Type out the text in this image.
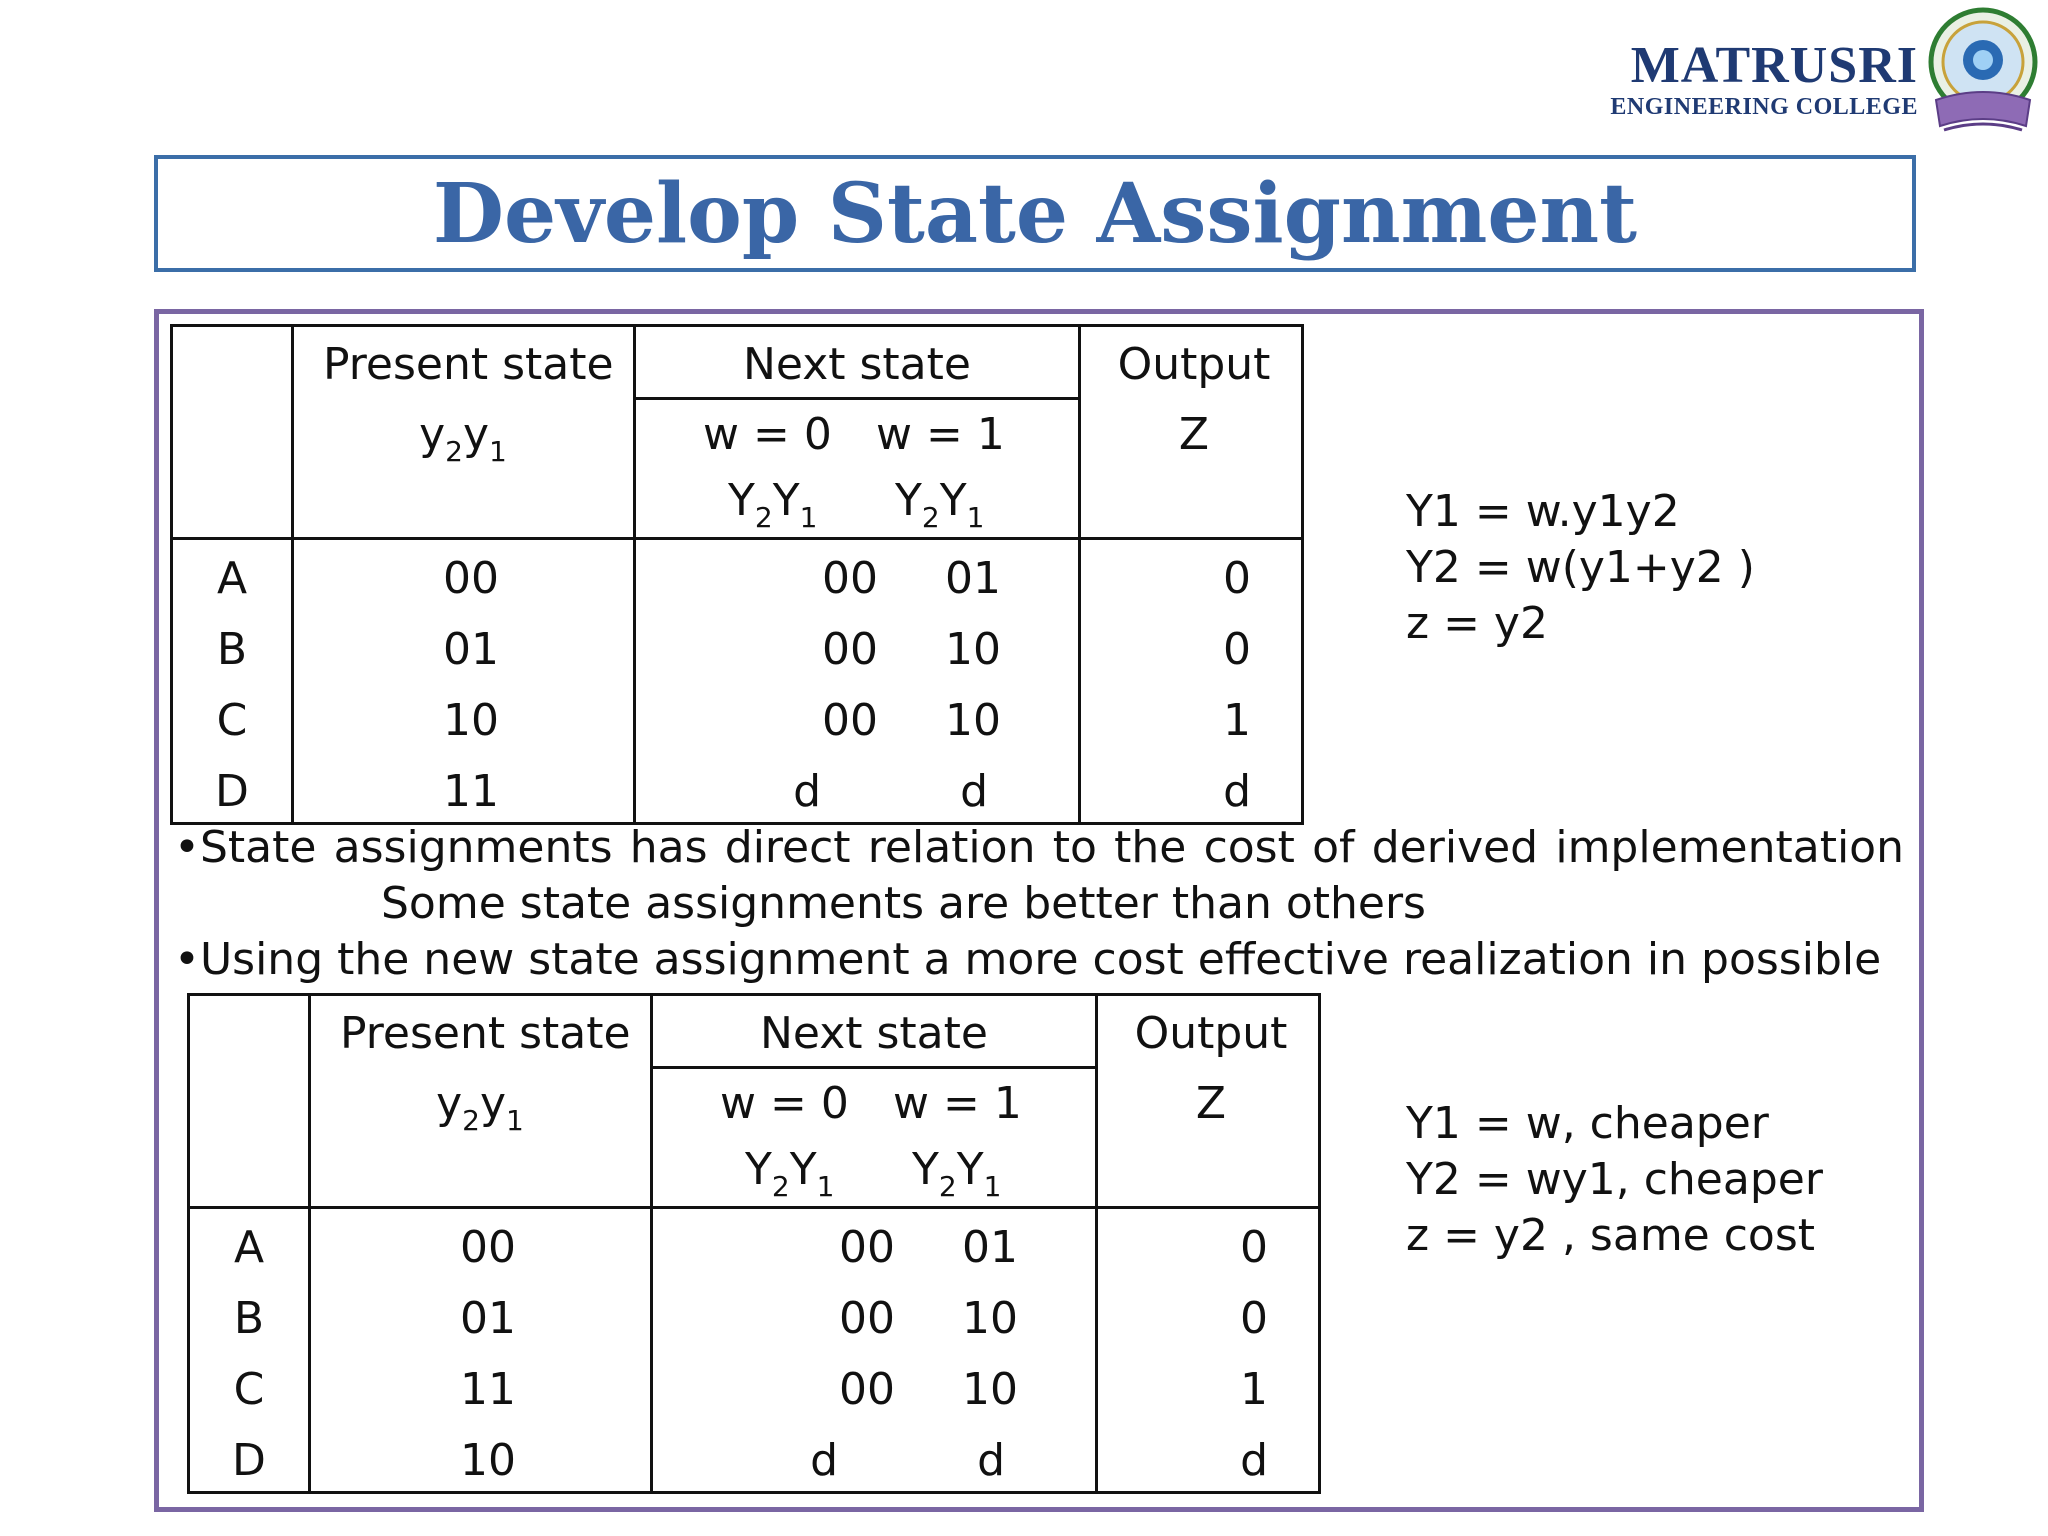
MATRUSRI
ENGINEERING COLLEGE
Develop State Assignment
Present state
$y_2y_1$
Next state
w = 0 w = 1
$Y_2Y_1$ $Y_2Y_1$
Output
Z
A	00	00	01	0
B	01	00	10	0
C	10	00	10	1
D	11	d	d	d
Y1 = w.y1y2
Y2 = w(y1+y2 )
z = y2
•State assignments has direct relation to the cost of derived implementation
Some state assignments are better than others
•Using the new state assignment a more cost effective realization in possible
Present state
$y_2y_1$
Next state
w = 0 w = 1
$Y_2Y_1$ $Y_2Y_1$
Output
Z
A	00	00	01	0
B	01	00	10	0
C	11	00	10	1
D	10	d	d	d
Y1 = w, cheaper
Y2 = wy1, cheaper
z = y2 , same cost
